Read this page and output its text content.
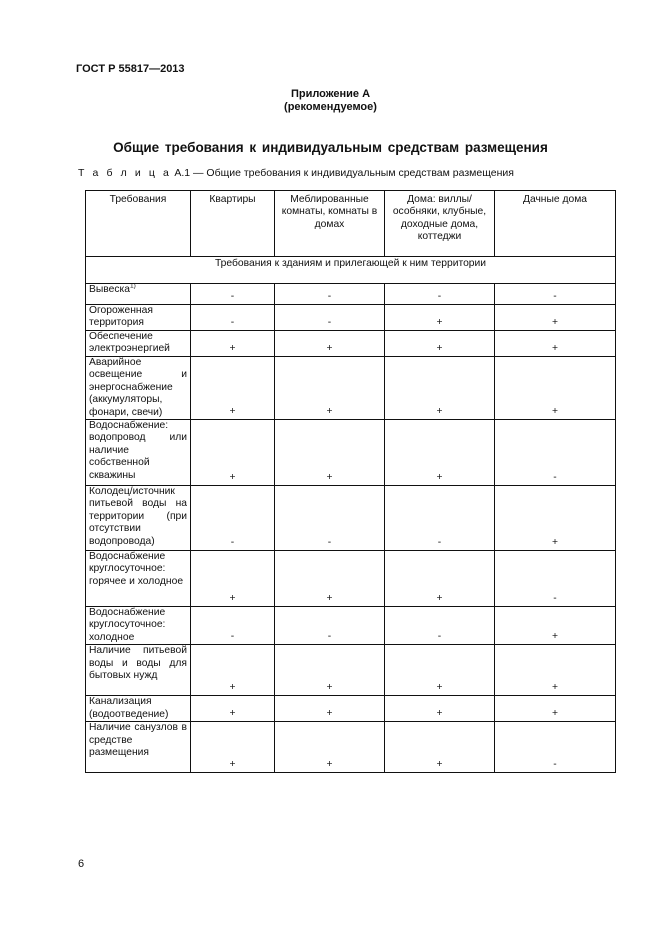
ГОСТ Р 55817—2013
Приложение А
(рекомендуемое)
Общие требования к индивидуальным средствам размещения
Т а б л и ц а А.1 — Общие требования к индивидуальным средствам размещения
Требования	Квартиры	Меблированные комнаты, комнаты в домах	Дома: виллы/особняки, клубные, доходные дома, коттеджи	Дачные дома
Требования к зданиям и прилегающей к ним территории				
Вывеска$^{1)}$	-	-	-	-
Огороженная территория	-	-	+	+
Обеспечение электроэнергией	+	+	+	+
Аварийное освещение и энергоснабжение (аккумуляторы, фонари, свечи)	+	+	+	+
Водоснабжение: водопровод или наличие собственной скважины	+	+	+	-
Колодец/источник питьевой воды на территории (при отсутствии водопровода)	-	-	-	+
Водоснабжение круглосуточное: горячее и холодное	+	+	+	-
Водоснабжение круглосуточное: холодное	-	-	-	+
Наличие питьевой воды и воды для бытовых нужд	+	+	+	+
Канализация (водоотведение)	+	+	+	+
Наличие санузлов в средстве размещения	+	+	+	-
6
